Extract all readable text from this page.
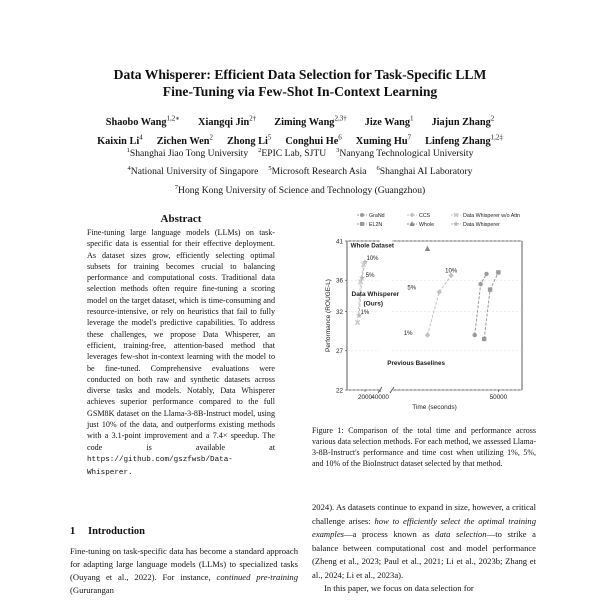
Data Whisperer: Efficient Data Selection for Task-Specific LLM
Fine-Tuning via Few-Shot In-Context Learning
Shaobo Wang$^{1,2∗}$ Xiangqi Jin$^{2\dagger}$ Ziming Wang$^{2,3\dagger}$ Jize Wang$^1$ Jiajun Zhang$^2$
Kaixin Li$^4$ Zichen Wen$^2$ Zhong Li$^5$ Conghui He$^6$ Xuming Hu$^7$ Linfeng Zhang$^{1,2\ddagger}$
$^1$Shanghai Jiao Tong University $^2$EPIC Lab, SJTU $^3$Nanyang Technological University
$^4$National University of Singapore $^5$Microsoft Research Asia $^6$Shanghai AI Laboratory
$^7$Hong Kong University of Science and Technology (Guangzhou)
Abstract

Fine-tuning large language models (LLMs) on task-specific data is essential for their effective deployment. As dataset sizes grow, efficiently selecting optimal subsets for training becomes crucial to balancing performance and computational costs. Traditional data selection methods often require fine-tuning a scoring model on the target dataset, which is time-consuming and resource-intensive, or rely on heuristics that fail to fully leverage the model's predictive capabilities. To address these challenges, we propose Data Whisperer, an efficient, training-free, attention-based method that leverages few-shot in-context learning with the model to be fine-tuned. Comprehensive evaluations were conducted on both raw and synthetic datasets across diverse tasks and models. Notably, Data Whisperer achieves superior performance compared to the full GSM8K dataset on the Llama-3-8B-Instruct model, using just 10% of the data, and outperforms existing methods with a 3.1-point improvement and a 7.4× speedup. The code is available at https://github.com/gszfwsb/Data-Whisperer.

1 Introduction

Fine-tuning on task-specific data has become a standard approach for adapting large language models (LLMs) to specialized tasks (Ouyang et al., 2022). For instance, continued pre-training (Gururangan

GraNd	CCS	Data Whisperer w/o Attn
EL2N	Whole	Data Whisperer
22
27
32
36
41
2000 40000	50000
Time (seconds)
Performance (ROUGE-L)
Whole Dataset
Data Whisperer
(Ours)
Previous Baselines
10%
5%
1%
10%
5%
1%

Figure 1: Comparison of the total time and performance across various data selection methods. For each method, we assessed Llama-3-8B-Instruct's performance and time cost when utilizing 1%, 5%, and 10% of the BioInstruct dataset selected by that method.

2024). As datasets continue to expand in size, however, a critical challenge arises: how to efficiently select the optimal training examples—a process known as data selection—to strike a balance between computational cost and model performance (Zheng et al., 2023; Paul et al., 2021; Li et al., 2023b; Zhang et al., 2024; Li et al., 2023a).

In this paper, we focus on data selection for
